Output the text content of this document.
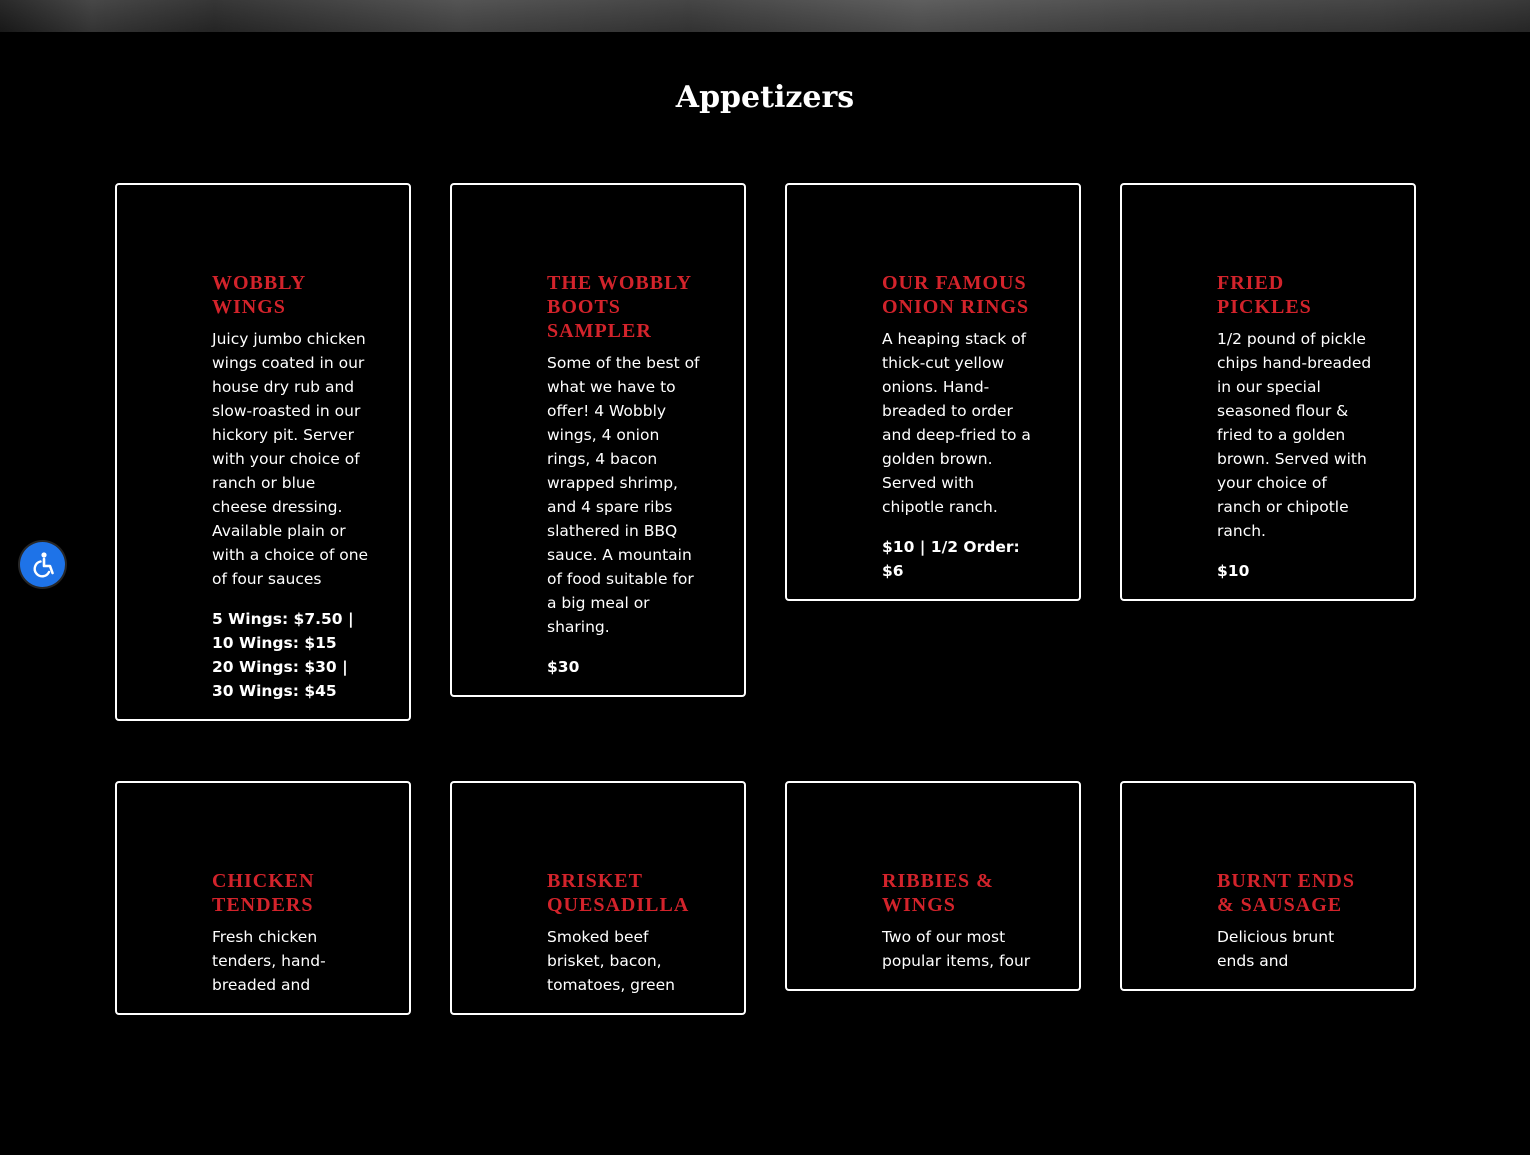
Appetizers
WOBBLY WINGS

Juicy jumbo chicken wings coated in our house dry rub and slow-roasted in our hickory pit. Server with your choice of ranch or blue cheese dressing. Available plain or with a choice of one of four sauces

5 Wings: $7.50 | 10 Wings: $15
20 Wings: $30 | 30 Wings: $45

THE WOBBLY BOOTS SAMPLER

Some of the best of what we have to offer! 4 Wobbly wings, 4 onion rings, 4 bacon wrapped shrimp, and 4 spare ribs slathered in BBQ sauce. A mountain of food suitable for a big meal or sharing.

$30

OUR FAMOUS ONION RINGS

A heaping stack of thick-cut yellow onions. Hand-breaded to order and deep-fried to a golden brown. Served with chipotle ranch.

$10 | 1/2 Order: $6

FRIED PICKLES

1/2 pound of pickle chips hand-breaded in our special seasoned flour & fried to a golden brown. Served with your choice of ranch or chipotle ranch.

$10

CHICKEN TENDERS

Fresh chicken tenders, hand-breaded and

BRISKET QUESADILLA

Smoked beef brisket, bacon, tomatoes, green

RIBBIES & WINGS

Two of our most popular items, four

BURNT ENDS & SAUSAGE

Delicious brunt ends and
